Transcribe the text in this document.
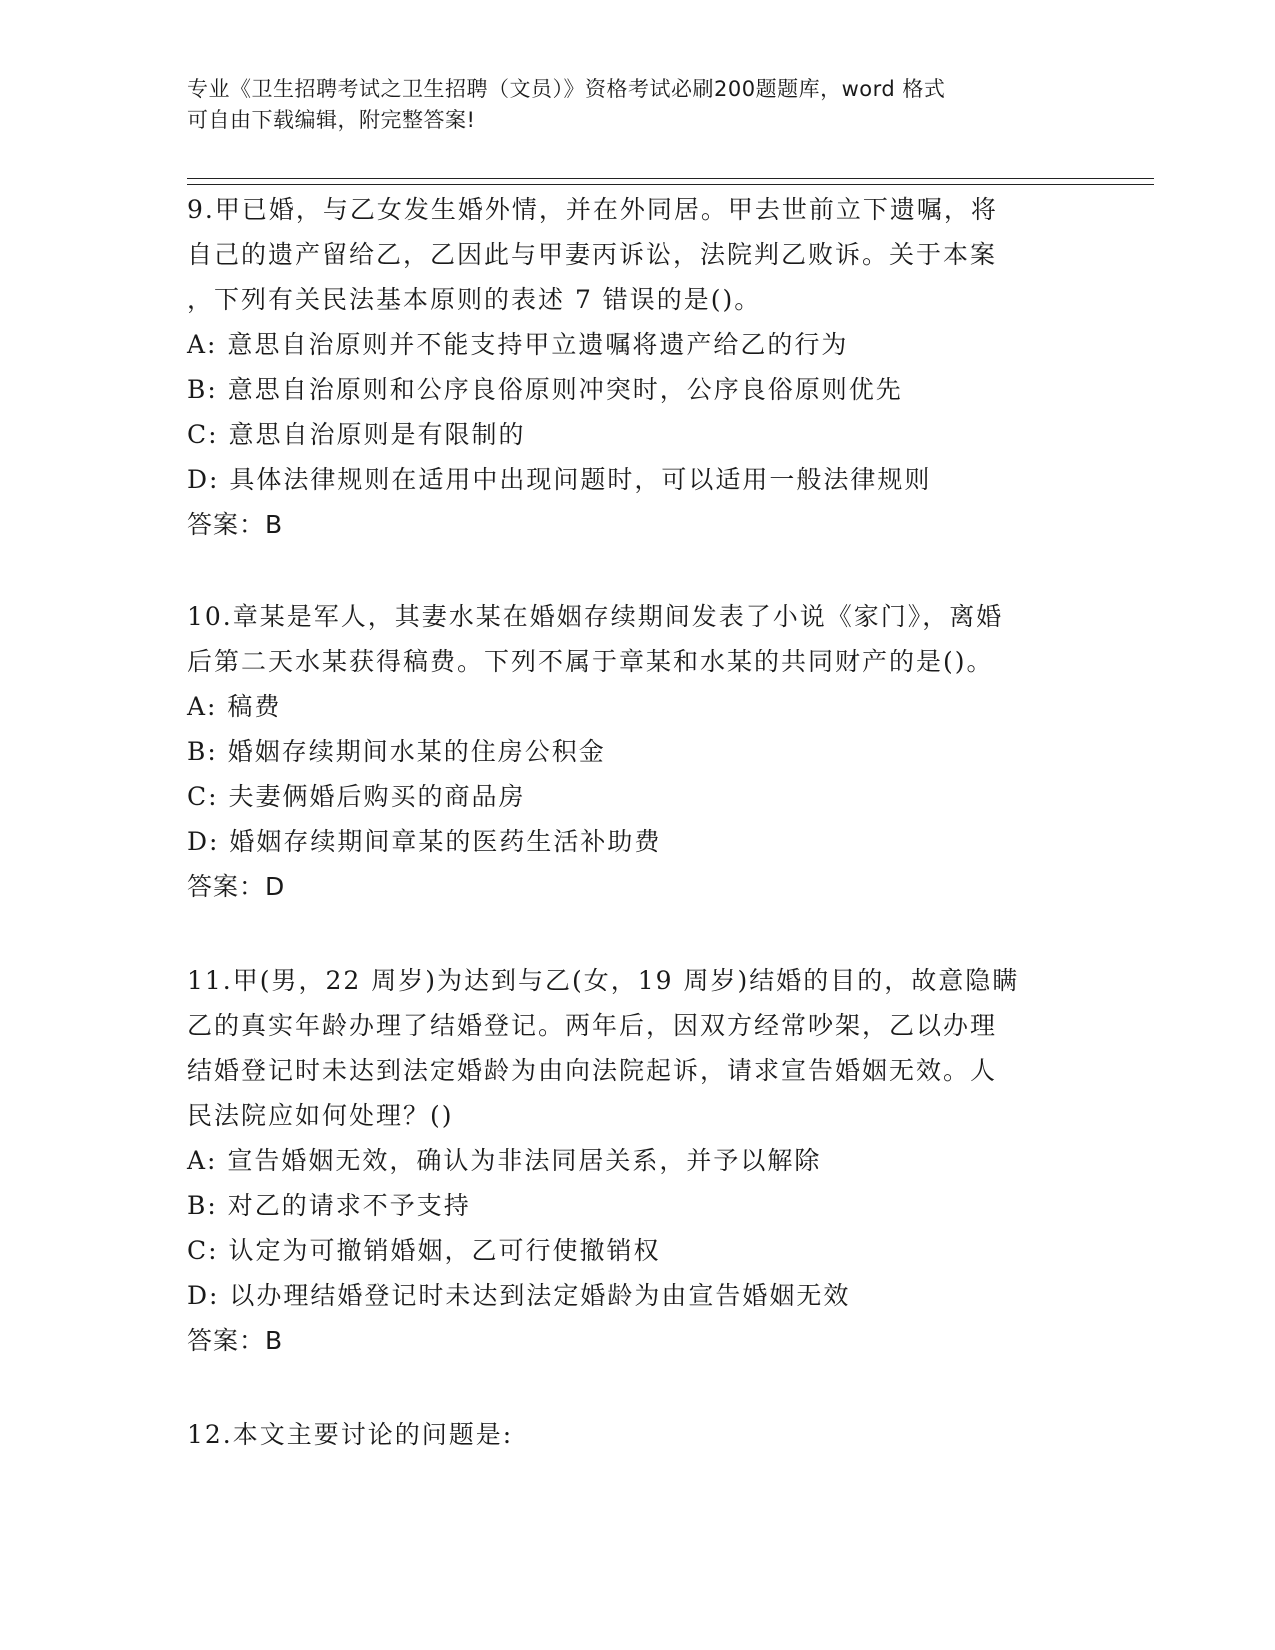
专业《卫生招聘考试之卫生招聘（文员）》资格考试必刷200题题库，word 格式
可自由下载编辑，附完整答案!
9.甲已婚，与乙女发生婚外情，并在外同居。甲去世前立下遗嘱，将
自己的遗产留给乙，乙因此与甲妻丙诉讼，法院判乙败诉。关于本案
，下列有关民法基本原则的表述 7 错误的是()。
A: 意思自治原则并不能支持甲立遗嘱将遗产给乙的行为
B: 意思自治原则和公序良俗原则冲突时，公序良俗原则优先
C: 意思自治原则是有限制的
D: 具体法律规则在适用中出现问题时，可以适用一般法律规则
答案：B
10.章某是军人，其妻水某在婚姻存续期间发表了小说《家门》，离婚
后第二天水某获得稿费。下列不属于章某和水某的共同财产的是()。
A: 稿费
B: 婚姻存续期间水某的住房公积金
C: 夫妻俩婚后购买的商品房
D: 婚姻存续期间章某的医药生活补助费
答案：D
11.甲(男，22 周岁)为达到与乙(女，19 周岁)结婚的目的，故意隐瞒
乙的真实年龄办理了结婚登记。两年后，因双方经常吵架，乙以办理
结婚登记时未达到法定婚龄为由向法院起诉，请求宣告婚姻无效。人
民法院应如何处理？()
A: 宣告婚姻无效，确认为非法同居关系，并予以解除
B: 对乙的请求不予支持
C: 认定为可撤销婚姻，乙可行使撤销权
D: 以办理结婚登记时未达到法定婚龄为由宣告婚姻无效
答案：B
12.本文主要讨论的问题是:
